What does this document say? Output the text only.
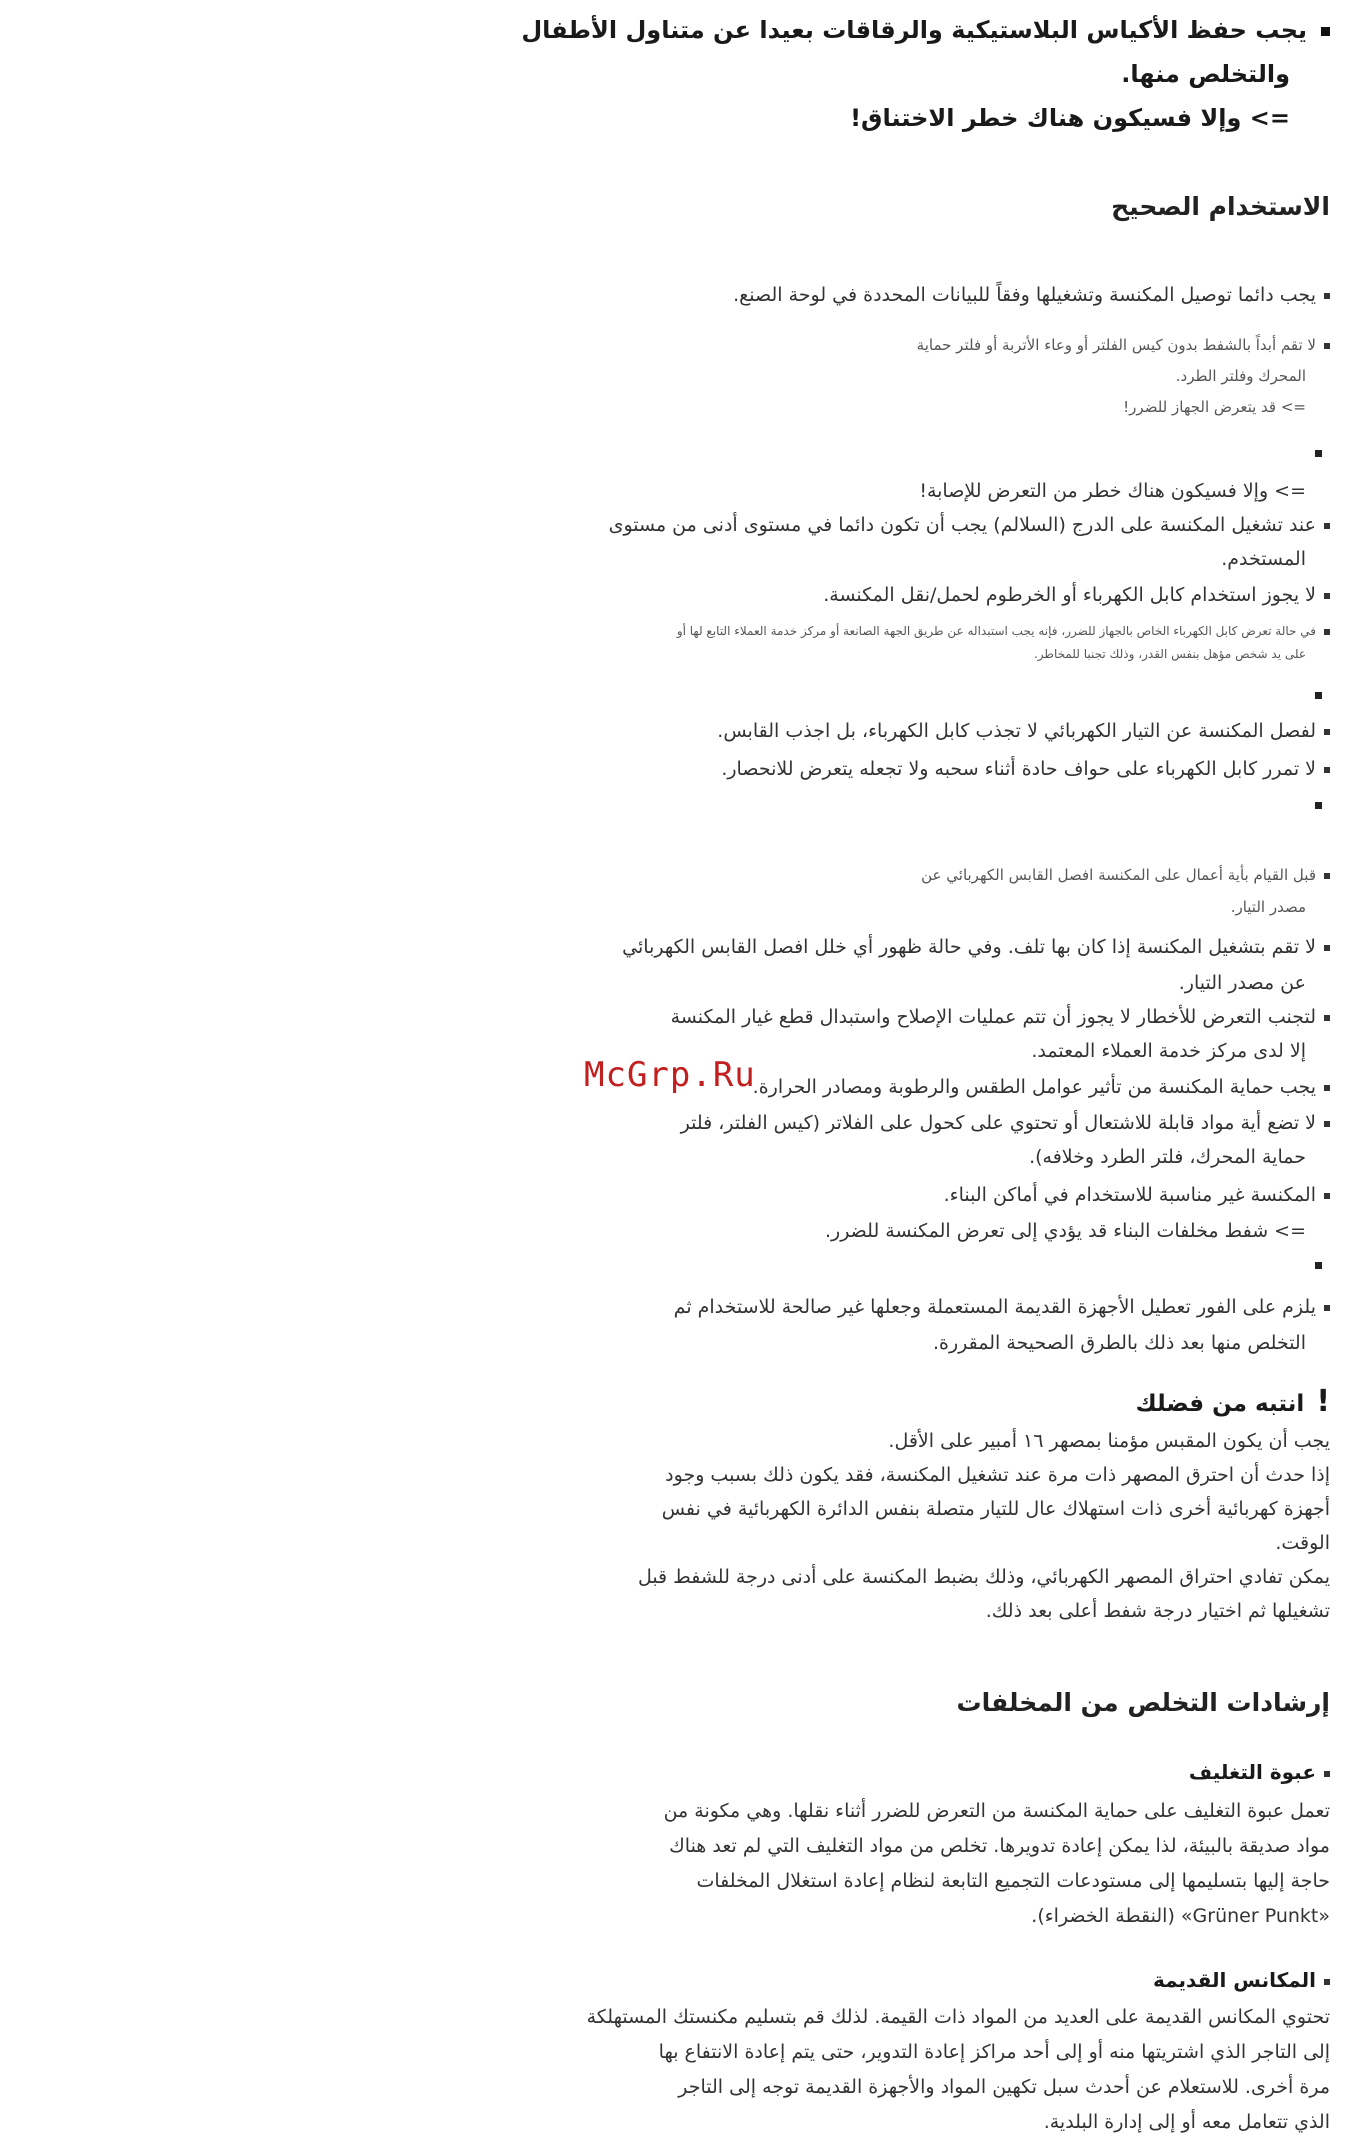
يجب حفظ الأكياس البلاستيكية والرقاقات بعيدا عن متناول الأطفال
والتخلص منها.
=> وإلا فسيكون هناك خطر الاختناق!
الاستخدام الصحيح
يجب دائما توصيل المكنسة وتشغيلها وفقاً للبيانات المحددة في لوحة الصنع.
لا تقم أبداً بالشفط بدون كيس الفلتر أو وعاء الأتربة أو فلتر حماية
المحرك وفلتر الطرد.
=> قد يتعرض الجهاز للضرر!
=> وإلا فسيكون هناك خطر من التعرض للإصابة!
عند تشغيل المكنسة على الدرج (السلالم) يجب أن تكون دائما في مستوى أدنى من مستوى
المستخدم.
لا يجوز استخدام كابل الكهرباء أو الخرطوم لحمل/نقل المكنسة.
في حالة تعرض كابل الكهرباء الخاص بالجهاز للضرر، فإنه يجب استبداله عن طريق الجهة الصانعة أو مركز خدمة العملاء التابع لها أو
على يد شخص مؤهل بنفس القدر، وذلك تجنبا للمخاطر.
لفصل المكنسة عن التيار الكهربائي لا تجذب كابل الكهرباء، بل اجذب القابس.
لا تمرر كابل الكهرباء على حواف حادة أثناء سحبه ولا تجعله يتعرض للانحصار.
قبل القيام بأية أعمال على المكنسة افصل القابس الكهربائي عن
مصدر التيار.
لا تقم بتشغيل المكنسة إذا كان بها تلف. وفي حالة ظهور أي خلل افصل القابس الكهربائي
عن مصدر التيار.
لتجنب التعرض للأخطار لا يجوز أن تتم عمليات الإصلاح واستبدال قطع غيار المكنسة
إلا لدى مركز خدمة العملاء المعتمد.
يجب حماية المكنسة من تأثير عوامل الطقس والرطوبة ومصادر الحرارة.
لا تضع أية مواد قابلة للاشتعال أو تحتوي على كحول على الفلاتر (كيس الفلتر، فلتر
حماية المحرك، فلتر الطرد وخلافه).
المكنسة غير مناسبة للاستخدام في أماكن البناء.
=> شفط مخلفات البناء قد يؤدي إلى تعرض المكنسة للضرر.
يلزم على الفور تعطيل الأجهزة القديمة المستعملة وجعلها غير صالحة للاستخدام ثم
التخلص منها بعد ذلك بالطرق الصحيحة المقررة.
!انتبه من فضلك
يجب أن يكون المقبس مؤمنا بمصهر ١٦ أمبير على الأقل.
إذا حدث أن احترق المصهر ذات مرة عند تشغيل المكنسة، فقد يكون ذلك بسبب وجود
أجهزة كهربائية أخرى ذات استهلاك عال للتيار متصلة بنفس الدائرة الكهربائية في نفس
الوقت.
يمكن تفادي احتراق المصهر الكهربائي، وذلك بضبط المكنسة على أدنى درجة للشفط قبل
تشغيلها ثم اختيار درجة شفط أعلى بعد ذلك.
إرشادات التخلص من المخلفات
عبوة التغليف
تعمل عبوة التغليف على حماية المكنسة من التعرض للضرر أثناء نقلها. وهي مكونة من
مواد صديقة بالبيئة، لذا يمكن إعادة تدويرها. تخلص من مواد التغليف التي لم تعد هناك
حاجة إليها بتسليمها إلى مستودعات التجميع التابعة لنظام إعادة استغلال المخلفات
«Grüner Punkt» (النقطة الخضراء).
المكانس القديمة
تحتوي المكانس القديمة على العديد من المواد ذات القيمة. لذلك قم بتسليم مكنستك المستهلكة
إلى التاجر الذي اشتريتها منه أو إلى أحد مراكز إعادة التدوير، حتى يتم إعادة الانتفاع بها
مرة أخرى. للاستعلام عن أحدث سبل تكهين المواد والأجهزة القديمة توجه إلى التاجر
الذي تتعامل معه أو إلى إدارة البلدية.
McGrp.Ru
